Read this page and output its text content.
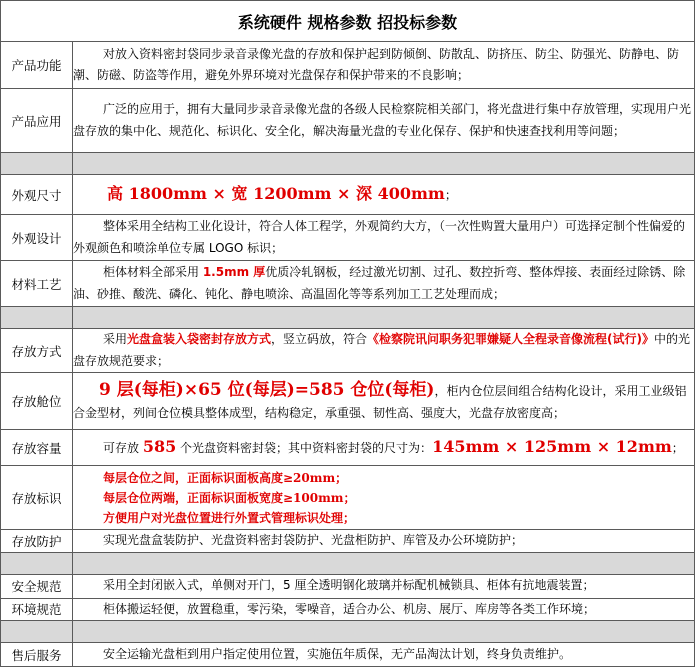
系统硬件 规格参数 招投标参数	
产品功能	对放入资料密封袋同步录音录像光盘的存放和保护起到防倾倒、防散乱、防挤压、防尘、防强光、防静电、防潮、防磁、防盗等作用，避免外界环境对光盘保存和保护带来的不良影响；
产品应用	广泛的应用于，拥有大量同步录音录像光盘的各级人民检察院相关部门，将光盘进行集中存放管理，实现用户光盘存放的集中化、规范化、标识化、安全化，解决海量光盘的专业化保存、保护和快速查找利用等问题；

外观尺寸	高 1800mm × 宽 1200mm × 深 400mm；
外观设计	整体采用全结构工业化设计，符合人体工程学，外观简约大方，（一次性购置大量用户）可选择定制个性偏爱的外观颜色和喷涂单位专属 LOGO 标识；
材料工艺	柜体材料全部采用 1.5mm 厚优质冷轧钢板，经过激光切割、过孔、数控折弯、整体焊接、表面经过除锈、除油、砂推、酸洗、磷化、钝化、静电喷涂、高温固化等等系列加工工艺处理而成；

存放方式	采用光盘盒装入袋密封存放方式，竖立码放，符合《检察院讯问职务犯罪嫌疑人全程录音像流程(试行)》中的光盘存放规范要求；
存放舱位	9 层(每柜)×65 位(每层)=585 仓位(每柜)，柜内仓位层间组合结构化设计，采用工业级铝合金型材，列间仓位模具整体成型，结构稳定，承重强、韧性高、强度大，光盘存放密度高；
存放容量	可存放 585 个光盘资料密封袋；其中资料密封袋的尺寸为：145mm × 125mm × 12mm；
存放标识	每层仓位之间，正面标识面板高度≥20mm；
每层仓位两端，正面标识面板宽度≥100mm；
方便用户对光盘位置进行外置式管理标识处理；

存放防护	实现光盘盒装防护、光盘资料密封袋防护、光盘柜防护、库管及办公环境防护；

安全规范	采用全封闭嵌入式，单侧对开门，5 厘全透明钢化玻璃并标配机械锁具、柜体有抗地震装置；
环境规范	柜体搬运轻便，放置稳重，零污染，零噪音，适合办公、机房、展厅、库房等各类工作环境；

售后服务	安全运输光盘柜到用户指定使用位置，实施伍年质保，无产品淘汰计划，终身负责维护。
